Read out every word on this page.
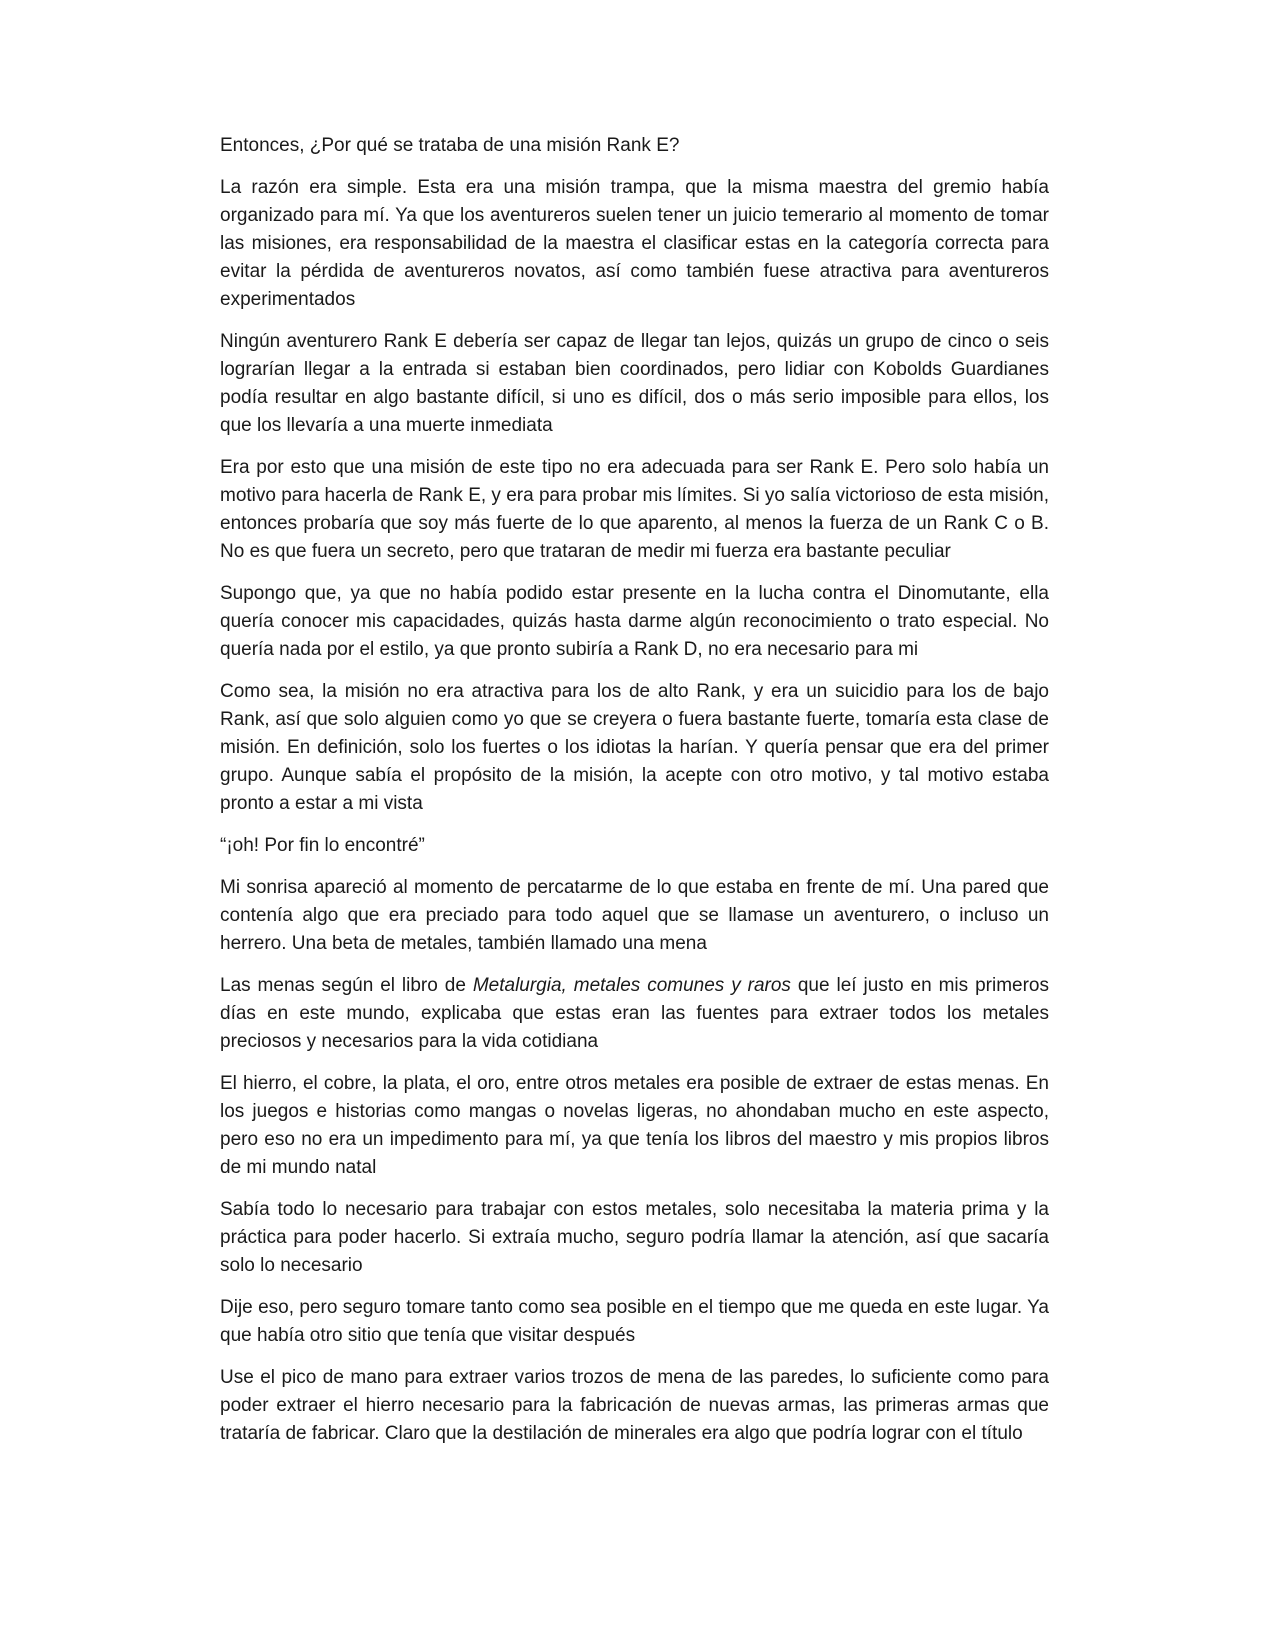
Entonces, ¿Por qué se trataba de una misión Rank E?

La razón era simple. Esta era una misión trampa, que la misma maestra del gremio había organizado para mí. Ya que los aventureros suelen tener un juicio temerario al momento de tomar las misiones, era responsabilidad de la maestra el clasificar estas en la categoría correcta para evitar la pérdida de aventureros novatos, así como también fuese atractiva para aventureros experimentados

Ningún aventurero Rank E debería ser capaz de llegar tan lejos, quizás un grupo de cinco o seis lograrían llegar a la entrada si estaban bien coordinados, pero lidiar con Kobolds Guardianes podía resultar en algo bastante difícil, si uno es difícil, dos o más serio imposible para ellos, los que los llevaría a una muerte inmediata

Era por esto que una misión de este tipo no era adecuada para ser Rank E. Pero solo había un motivo para hacerla de Rank E, y era para probar mis límites. Si yo salía victorioso de esta misión, entonces probaría que soy más fuerte de lo que aparento, al menos la fuerza de un Rank C o B. No es que fuera un secreto, pero que trataran de medir mi fuerza era bastante peculiar

Supongo que, ya que no había podido estar presente en la lucha contra el Dinomutante, ella quería conocer mis capacidades, quizás hasta darme algún reconocimiento o trato especial. No quería nada por el estilo, ya que pronto subiría a Rank D, no era necesario para mi

Como sea, la misión no era atractiva para los de alto Rank, y era un suicidio para los de bajo Rank, así que solo alguien como yo que se creyera o fuera bastante fuerte, tomaría esta clase de misión. En definición, solo los fuertes o los idiotas la harían. Y quería pensar que era del primer grupo. Aunque sabía el propósito de la misión, la acepte con otro motivo, y tal motivo estaba pronto a estar a mi vista

“¡oh! Por fin lo encontré”

Mi sonrisa apareció al momento de percatarme de lo que estaba en frente de mí. Una pared que contenía algo que era preciado para todo aquel que se llamase un aventurero, o incluso un herrero. Una beta de metales, también llamado una mena

Las menas según el libro de Metalurgia, metales comunes y raros que leí justo en mis primeros días en este mundo, explicaba que estas eran las fuentes para extraer todos los metales preciosos y necesarios para la vida cotidiana

El hierro, el cobre, la plata, el oro, entre otros metales era posible de extraer de estas menas. En los juegos e historias como mangas o novelas ligeras, no ahondaban mucho en este aspecto, pero eso no era un impedimento para mí, ya que tenía los libros del maestro y mis propios libros de mi mundo natal

Sabía todo lo necesario para trabajar con estos metales, solo necesitaba la materia prima y la práctica para poder hacerlo. Si extraía mucho, seguro podría llamar la atención, así que sacaría solo lo necesario

Dije eso, pero seguro tomare tanto como sea posible en el tiempo que me queda en este lugar. Ya que había otro sitio que tenía que visitar después

Use el pico de mano para extraer varios trozos de mena de las paredes, lo suficiente como para poder extraer el hierro necesario para la fabricación de nuevas armas, las primeras armas que trataría de fabricar. Claro que la destilación de minerales era algo que podría lograr con el título
